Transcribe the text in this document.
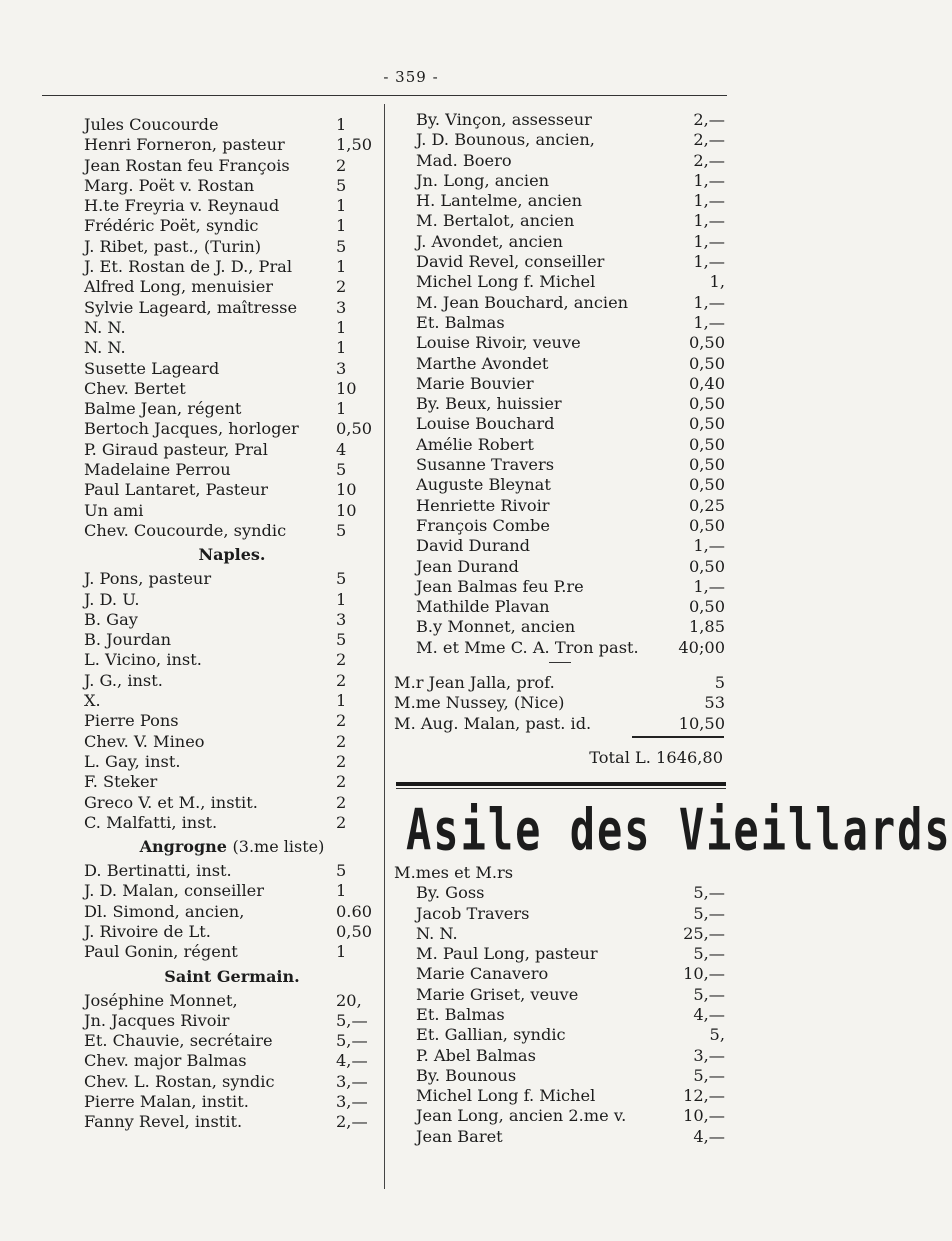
- 359 -
Jules Coucourde	1
Henri Forneron, pasteur	1,50
Jean Rostan feu François	2
Marg. Poët v. Rostan	5
H.te Freyria v. Reynaud	1
Frédéric Poët, syndic	1
J. Ribet, past., (Turin)	5
J. Et. Rostan de J. D., Pral	1
Alfred Long, menuisier	2
Sylvie Lageard, maîtresse 3
N. N.	1
N. N.	1
Susette Lageard	3
Chev. Bertet	10
Balme Jean, régent	1
Bertoch Jacques, horloger 0,50
P. Giraud pasteur, Pral	4
Madelaine Perrou	5
Paul Lantaret, Pasteur	10
Un ami	10
Chev. Coucourde, syndic	5
Naples.
J. Pons, pasteur	5
J. D. U.	1
B. Gay	3
B. Jourdan	5
L. Vicino, inst.	2
J. G., inst.	2
X.	1
Pierre Pons	2
Chev. V. Mineo	2
L. Gay, inst.	2
F. Steker	2
Greco V. et M., instit.	2
C. Malfatti, inst.	2
Angrogne (3.me liste)
D. Bertinatti, inst.	5
J. D. Malan, conseiller	1
Dl. Simond, ancien,	0.60
J. Rivoire de Lt.	0,50
Paul Gonin, régent	1
Saint Germain.
Joséphine Monnet,	20,
Jn. Jacques Rivoir	5,—
Et. Chauvie, secrétaire	5,—
Chev. major Balmas	4,—
Chev. L. Rostan, syndic	3,—
Pierre Malan, instit.	3,—
Fanny Revel, instit.	2,—
By. Vinçon, assesseur	2,—
J. D. Bounous, ancien,	2,—
Mad. Boero	2,—
Jn. Long, ancien	1,—
H. Lantelme, ancien	1,—
M. Bertalot, ancien	1,—
J. Avondet, ancien	1,—
David Revel, conseiller	1,—
Michel Long f. Michel	1,
M. Jean Bouchard, ancien	1,—
Et. Balmas	1,—
Louise Rivoir, veuve	0,50
Marthe Avondet	0,50
Marie Bouvier	0,40
By. Beux, huissier	0,50
Louise Bouchard	0,50
Amélie Robert	0,50
Susanne Travers	0,50
Auguste Bleynat	0,50
Henriette Rivoir	0,25
François Combe	0,50
David Durand	1,—
Jean Durand	0,50
Jean Balmas feu P.re	1,—
Mathilde Plavan	0,50
B.y Monnet, ancien	1,85
M. et Mme C. A. Tron past. 40;00
M.r Jean Jalla, prof.	5
M.me Nussey, (Nice)	53
M. Aug. Malan, past. id.	10,50
Total L. 1646,80
Asile des Vieillards
M.mes et M.rs
By. Goss	5,—
Jacob Travers	5,—
N. N.	25,—
M. Paul Long, pasteur	5,—
Marie Canavero	10,—
Marie Griset, veuve	5,—
Et. Balmas	4,—
Et. Gallian, syndic	5,
P. Abel Balmas	3,—
By. Bounous	5,—
Michel Long f. Michel	12,—
Jean Long, ancien 2.me v.	10,—
Jean Baret	4,—
